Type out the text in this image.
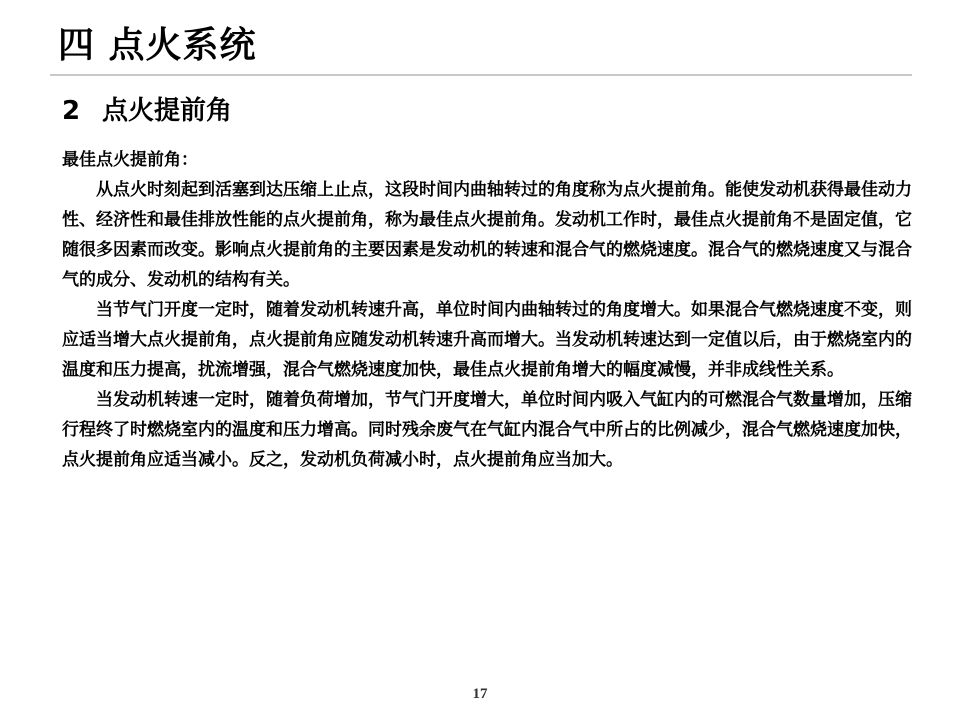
四 点火系统
2 点火提前角

最佳点火提前角：

从点火时刻起到活塞到达压缩上止点，这段时间内曲轴转过的角度称为点火提前角。能使发动机获得最佳动力性、经济性和最佳排放性能的点火提前角，称为最佳点火提前角。发动机工作时，最佳点火提前角不是固定值，它随很多因素而改变。影响点火提前角的主要因素是发动机的转速和混合气的燃烧速度。混合气的燃烧速度又与混合气的成分、发动机的结构有关。

当节气门开度一定时，随着发动机转速升高，单位时间内曲轴转过的角度增大。如果混合气燃烧速度不变，则应适当增大点火提前角，点火提前角应随发动机转速升高而增大。当发动机转速达到一定值以后，由于燃烧室内的温度和压力提高，扰流增强，混合气燃烧速度加快，最佳点火提前角增大的幅度减慢，并非成线性关系。

当发动机转速一定时，随着负荷增加，节气门开度增大，单位时间内吸入气缸内的可燃混合气数量增加，压缩行程终了时燃烧室内的温度和压力增高。同时残余废气在气缸内混合气中所占的比例减少，混合气燃烧速度加快，点火提前角应适当减小。反之，发动机负荷减小时，点火提前角应当加大。

17
